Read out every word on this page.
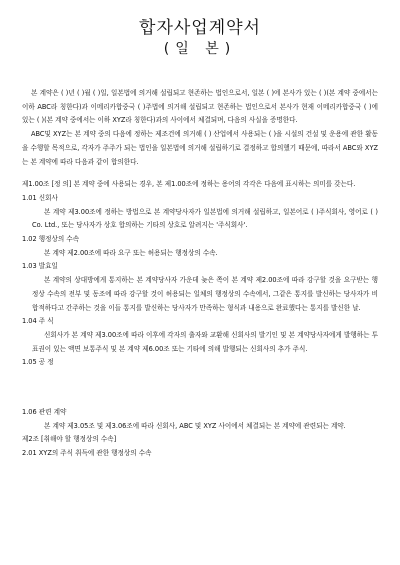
합자사업계약서
(일 본)

본 계약은 ( )년 ( )월 ( )일, 일본법에 의거해 설립되고 현존하는 법인으로서, 일본 ( )에 본사가 있는 ( )(본 계약 중에서는 이하 ABC라 칭한다)과 이메리카합중국 ( )주법에 의거해 설립되고 현존하는 법인으로서 본사가 현재 이메리카합중국 ( )에 있는 ( )(본 계약 중에서는 이하 XYZ라 칭한다)과의 사이에서 체결되며, 다음의 사실을 증명한다.

ABC및 XYZ는 본 계약 중의 다음에 정하는 제조건에 의거해 ( ) 산업에서 사용되는 ( )을 시설의 건설 및 운용에 관한 활동을 수행할 목적으로, 각자가 주주가 되는 법인을 일본법에 의거해 설립하기로 결정하고 합의했기 때문에, 따라서 ABC와 XYZ는 본 계약에 따라 다음과 같이 합의한다.

제1.00조 [정 의] 본 계약 중에 사용되는 경우, 본 제1.00조에 정하는 용어의 각각은 다음에 표시하는 의미를 갖는다.

1.01 신회사

본 계약 제3.00조에 정하는 방법으로 본 계약당사자가 일본법에 의거해 설립하고, 일본어로 ( )주식회사, 영어로 ( ) Co. Ltd., 또는 당사자가 상호 합의하는 기타의 상호로 알려지는 '주식회사'.

1.02 행정상의 수속

본 계약 제2.00조에 따라 요구 또는 허용되는 행정상의 수속.

1.03 발효일

본 계약의 상대방에게 통지하는 본 계약당사자 가운데 늦은 쪽이 본 계약 제2.00조에 따라 강구할 것을 요구받는 행정상 수속의 전부 및 동조에 따라 강구할 것이 허용되는 일체의 행정상의 수속에서, 그같은 통지를 발신하는 당사자가 비합적하다고 간주하는 것을 이들 통지를 발신하는 당사자가 만족하는 형식과 내용으로 완료했다는 통지를 발신한 날.

1.04 주 식

신회사가 본 계약 제3.00조에 따라 이후에 각자의 출자와 교환해 신회사의 발기인 및 본 계약당사자에게 발행하는 투표권이 있는 액면 보통주식 및 본 계약 제6.00조 또는 기타에 의해 발행되는 신회사의 추가 주식.

1.05 공 정

1.06 관련 계약

본 계약 제3.05조 및 제3.06조에 따라 신회사, ABC 및 XYZ 사이에서 체결되는 본 계약에 관련되는 계약.

제2조 [취해야 할 행정상의 수속]

2.01 XYZ의 주식 취득에 관한 행정상의 수속
